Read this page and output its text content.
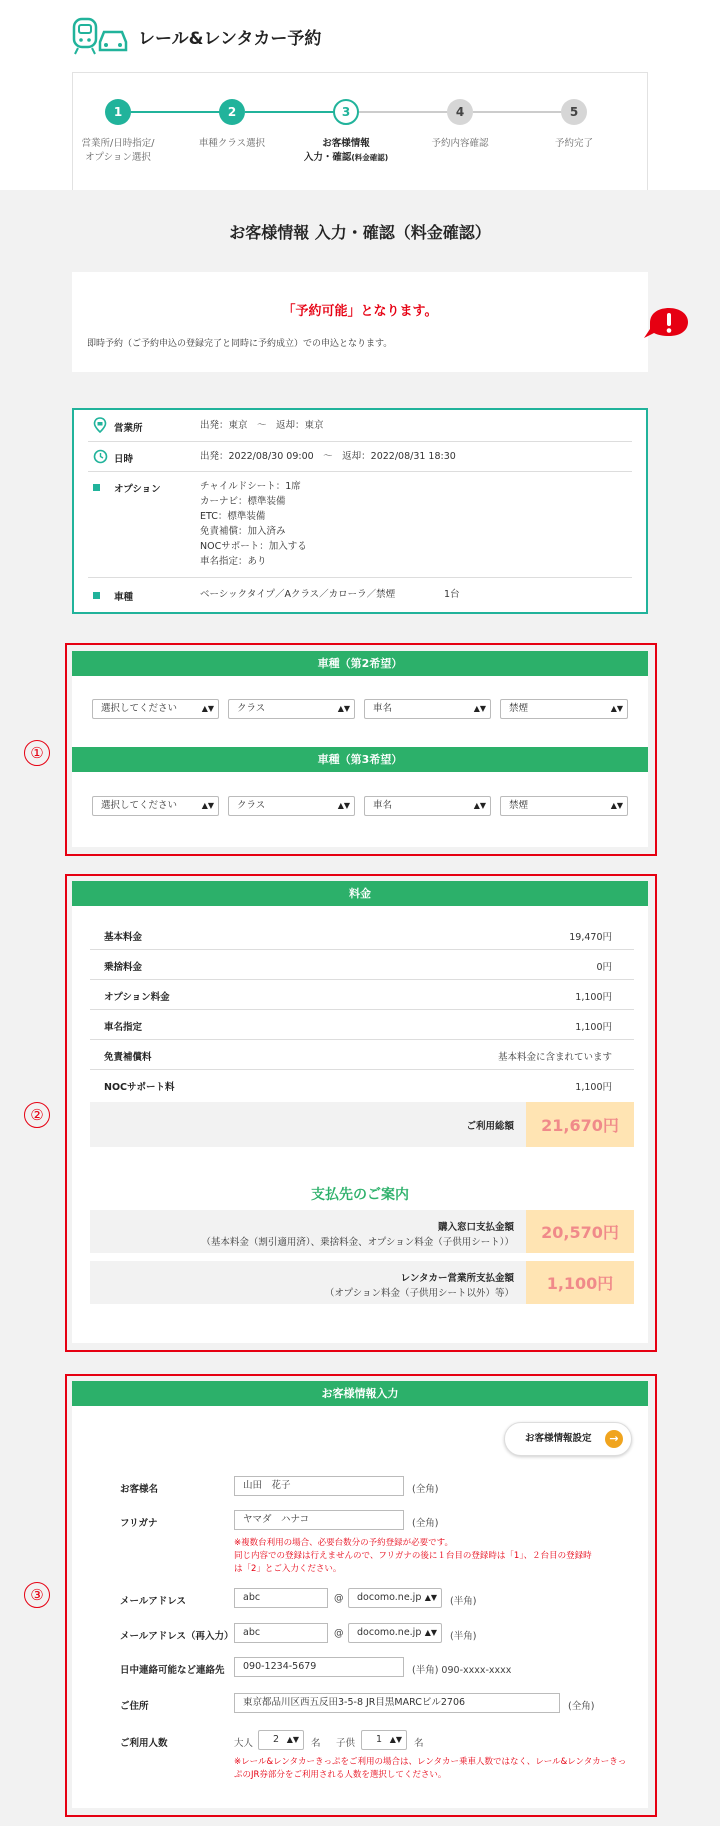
レール&レンタカー予約
1	2	3	4	5
営業所/日時指定/
オプション選択
車種クラス選択	お客様情報
入力・確認(料金確認)
予約内容確認	予約完了
お客様情報 入力・確認（料金確認）
「予約可能」となります。
即時予約（ご予約申込の登録完了と同時に予約成立）での申込となります。
営業所	出発：東京　～　返却：東京
日時	出発：2022/08/30 09:00　～　返却：2022/08/31 18:30
オプション	チャイルドシート：1席
カーナビ：標準装備
ETC：標準装備
免責補償：加入済み
NOCサポート：加入する
車名指定：あり
車種	ベーシックタイプ／Aクラス／カローラ／禁煙	1台
①
車種（第2希望）
選択してください	▲▼	クラス	▲▼	車名	▲▼	禁煙	▲▼
車種（第3希望）
選択してください	▲▼	クラス	▲▼	車名	▲▼	禁煙	▲▼
②
料金
基本料金	19,470円
乗捨料金	0円
オプション料金	1,100円
車名指定	1,100円
免責補償料	基本料金に含まれています
NOCサポート料	1,100円
ご利用総額	21,670円
支払先のご案内
購入窓口支払金額
（基本料金（割引適用済）、乗捨料金、オプション料金（子供用シート））
20,570円
レンタカー営業所支払金額
（オプション料金（子供用シート以外）等）
1,100円
③
お客様情報入力
お客様情報設定	→
お客様名	山田　花子	(全角)
フリガナ	ヤマダ　ハナコ	(全角)
※複数台利用の場合、必要台数分の予約登録が必要です。
同じ内容での登録は行えませんので、フリガナの後に１台目の登録時は「1」、２台目の登録時
は「2」とご入力ください。
メールアドレス	abc	@	docomo.ne.jp ▲▼ (半角)
メールアドレス（再入力） abc	@	docomo.ne.jp ▲▼ (半角)
日中連絡可能など連絡先	090-1234-5679	(半角) 090-xxxx-xxxx
ご住所	東京都品川区西五反田3-5-8 JR目黒MARCビル2706	(全角)
ご利用人数	大人	2 ▲▼ 名 子供	1 ▲▼ 名
※レール&レンタカーきっぷをご利用の場合は、レンタカー乗車人数ではなく、レール&レンタカーきっ
ぷのJR券部分をご利用される人数を選択してください。
